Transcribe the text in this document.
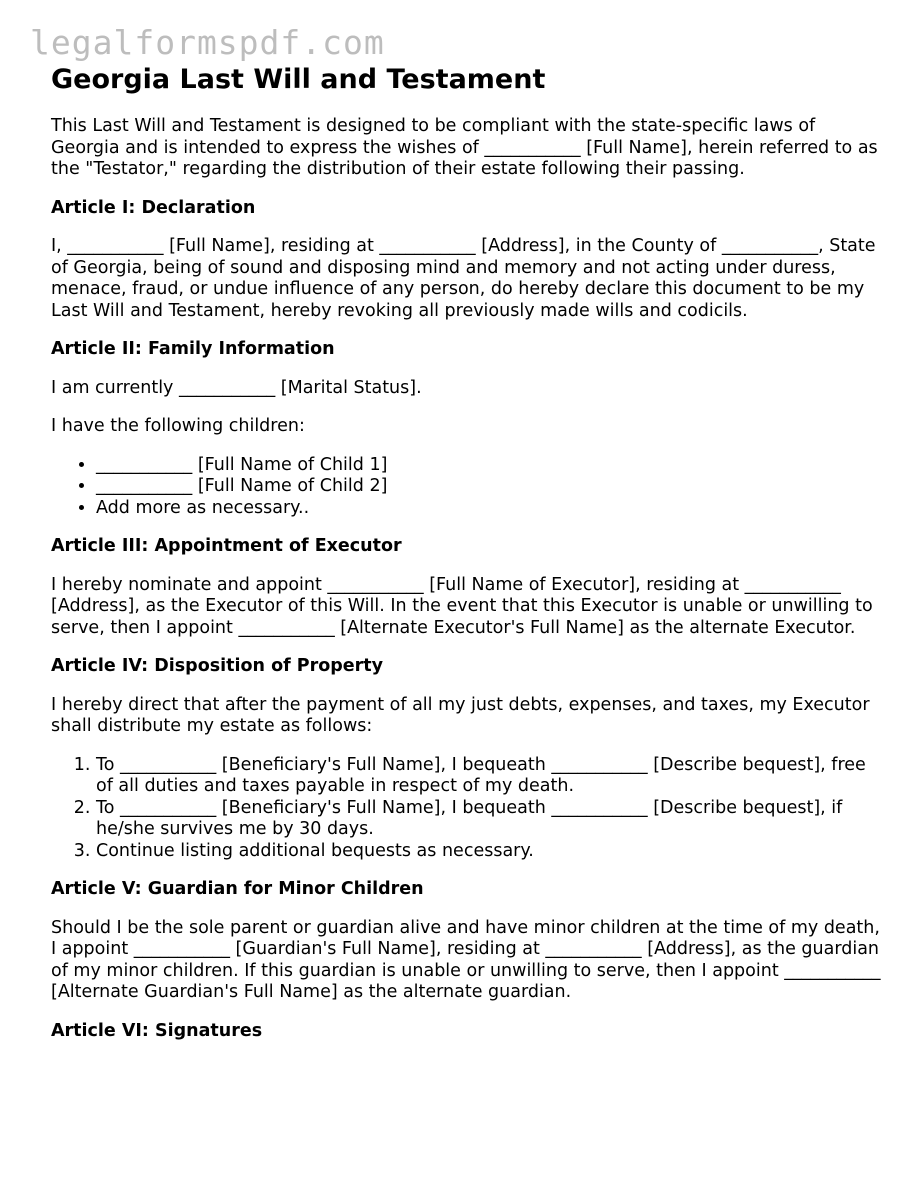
legalformspdf.com
Georgia Last Will and Testament

This Last Will and Testament is designed to be compliant with the state-specific laws of Georgia and is intended to express the wishes of ___________ [Full Name], herein referred to as the "Testator," regarding the distribution of their estate following their passing.

Article I: Declaration

I, ___________ [Full Name], residing at ___________ [Address], in the County of ___________, State of Georgia, being of sound and disposing mind and memory and not acting under duress, menace, fraud, or undue influence of any person, do hereby declare this document to be my Last Will and Testament, hereby revoking all previously made wills and codicils.

Article II: Family Information

I am currently ___________ [Marital Status].

I have the following children:

• ___________ [Full Name of Child 1]
• ___________ [Full Name of Child 2]
• Add more as necessary..
Article III: Appointment of Executor

I hereby nominate and appoint ___________ [Full Name of Executor], residing at ___________ [Address], as the Executor of this Will. In the event that this Executor is unable or unwilling to serve, then I appoint ___________ [Alternate Executor's Full Name] as the alternate Executor.

Article IV: Disposition of Property

I hereby direct that after the payment of all my just debts, expenses, and taxes, my Executor shall distribute my estate as follows:

1. To ___________ [Beneficiary's Full Name], I bequeath ___________ [Describe bequest], free of all duties and taxes payable in respect of my death.
2. To ___________ [Beneficiary's Full Name], I bequeath ___________ [Describe bequest], if he/she survives me by 30 days.
3. Continue listing additional bequests as necessary.
Article V: Guardian for Minor Children

Should I be the sole parent or guardian alive and have minor children at the time of my death, I appoint ___________ [Guardian's Full Name], residing at ___________ [Address], as the guardian of my minor children. If this guardian is unable or unwilling to serve, then I appoint ___________ [Alternate Guardian's Full Name] as the alternate guardian.

Article VI: Signatures
